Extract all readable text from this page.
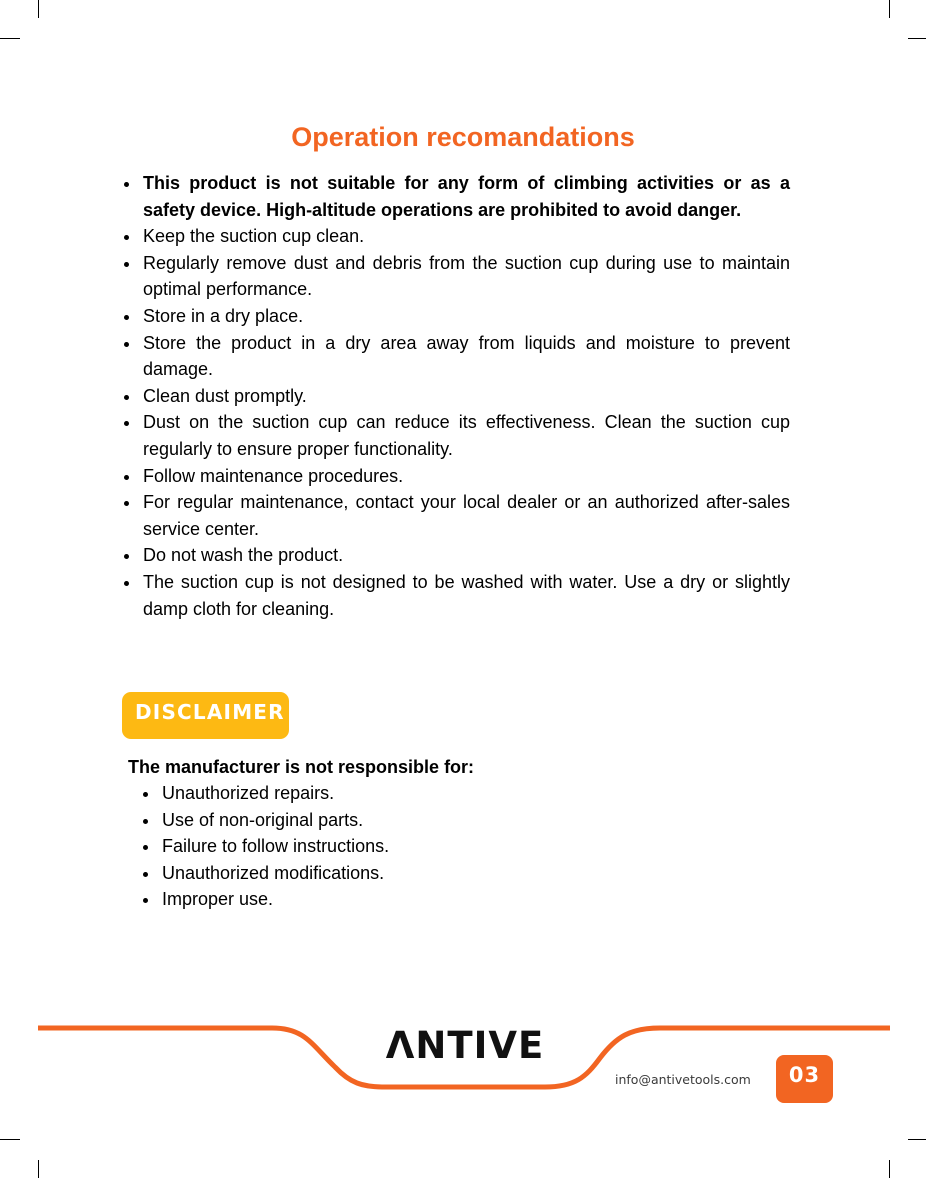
Operation recomandations
This product is not suitable for any form of climbing activities or as a safety device. High-altitude operations are prohibited to avoid danger.
Keep the suction cup clean.
Regularly remove dust and debris from the suction cup during use to maintain optimal performance.
Store in a dry place.
Store the product in a dry area away from liquids and moisture to prevent damage.
Clean dust promptly.
Dust on the suction cup can reduce its effectiveness. Clean the suction cup regularly to ensure proper functionality.
Follow maintenance procedures.
For regular maintenance, contact your local dealer or an authorized after-sales service center.
Do not wash the product.
The suction cup is not designed to be washed with water. Use a dry or slightly damp cloth for cleaning.
DISCLAIMER

The manufacturer is not responsible for:

Unauthorized repairs.
Use of non-original parts.
Failure to follow instructions.
Unauthorized modifications.
Improper use.
ΛNTIVE
info@antivetools.com	03
